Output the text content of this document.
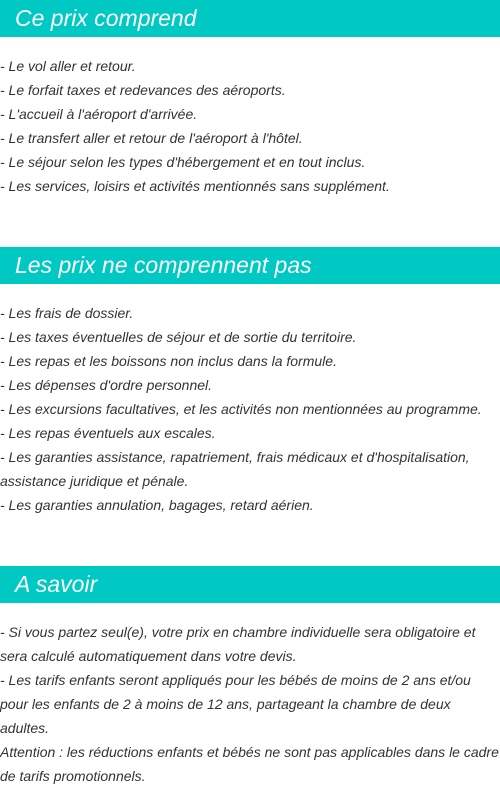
Ce prix comprend
- Le vol aller et retour.
- Le forfait taxes et redevances des aéroports.
- L'accueil à l'aéroport d'arrivée.
- Le transfert aller et retour de l'aéroport à l'hôtel.
- Le séjour selon les types d'hébergement et en tout inclus.
- Les services, loisirs et activités mentionnés sans supplément.
Les prix ne comprennent pas
- Les frais de dossier.
- Les taxes éventuelles de séjour et de sortie du territoire.
- Les repas et les boissons non inclus dans la formule.
- Les dépenses d'ordre personnel.
- Les excursions facultatives, et les activités non mentionnées au programme.
- Les repas éventuels aux escales.
- Les garanties assistance, rapatriement, frais médicaux et d'hospitalisation, assistance juridique et pénale.
- Les garanties annulation, bagages, retard aérien.
A savoir

- Si vous partez seul(e), votre prix en chambre individuelle sera obligatoire et sera calculé automatiquement dans votre devis.

- Les tarifs enfants seront appliqués pour les bébés de moins de 2 ans et/ou pour les enfants de 2 à moins de 12 ans, partageant la chambre de deux adultes.

Attention : les réductions enfants et bébés ne sont pas applicables dans le cadre de tarifs promotionnels.
